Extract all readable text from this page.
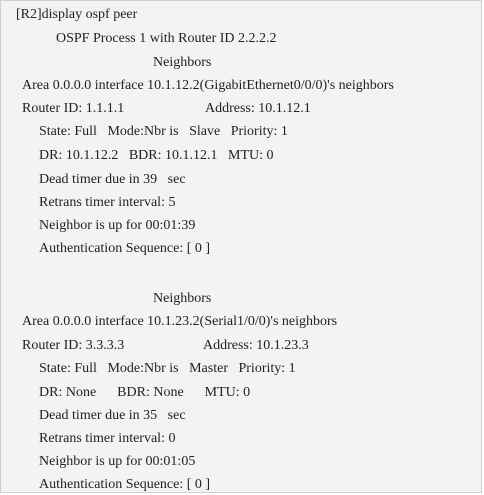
[R2]display ospf peer
OSPF Process 1 with Router ID 2.2.2.2
Neighbors
Area 0.0.0.0 interface 10.1.12.2(GigabitEthernet0/0/0)'s neighbors
Router ID: 1.1.1.1	Address: 10.1.12.1
State: Full   Mode:Nbr is   Slave   Priority: 1
DR: 10.1.12.2   BDR: 10.1.12.1   MTU: 0
Dead timer due in 39   sec
Retrans timer interval: 5
Neighbor is up for 00:01:39
Authentication Sequence: [ 0 ]
Neighbors
Area 0.0.0.0 interface 10.1.23.2(Serial1/0/0)'s neighbors
Router ID: 3.3.3.3	Address: 10.1.23.3
State: Full   Mode:Nbr is   Master   Priority: 1
DR: None      BDR: None      MTU: 0
Dead timer due in 35   sec
Retrans timer interval: 0
Neighbor is up for 00:01:05
Authentication Sequence: [ 0 ]
